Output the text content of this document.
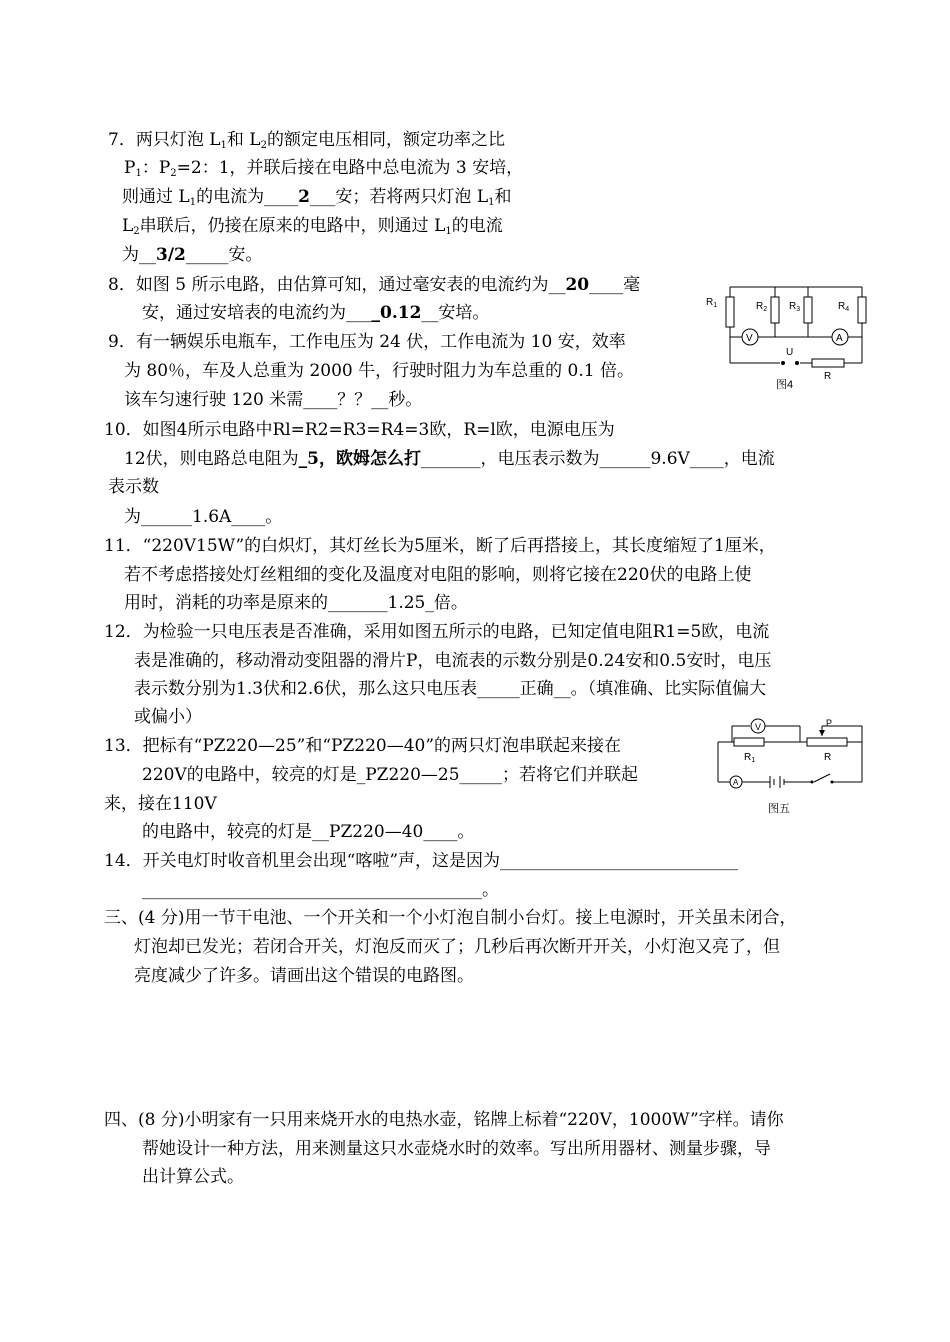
7．两只灯泡 $L_1$和 $L_2$的额定电压相同，额定功率之比
$P_1$：$P_2=2$：1，并联后接在电路中总电流为 3 安培，
则通过 $L_1$的电流为____2___安；若将两只灯泡 $L_1$和
$L_2$串联后，仍接在原来的电路中，则通过 $L_1$的电流
为__3/2_____安。
8．如图 5 所示电路，由估算可知，通过毫安表的电流约为__20____毫
安，通过安培表的电流约为____0.12__安培。
9．有一辆娱乐电瓶车，工作电压为 24 伏，工作电流为 10 安，效率
为 80％，车及人总重为 2000 牛，行驶时阻力为车总重的 0.1 倍。
该车匀速行驶 120 米需____？？__秒。
10．如图4所示电路中Rl=R2=R3=R4=3欧，R=l欧，电源电压为
12伏，则电路总电阻为_5，欧姆怎么打_______，电压表示数为______9.6V____，电流
表示数
为______1.6A____。
11．“220V15W”的白炽灯，其灯丝长为5厘米，断了后再搭接上，其长度缩短了1厘米，
若不考虑搭接处灯丝粗细的变化及温度对电阻的影响，则将它接在220伏的电路上使
用时，消耗的功率是原来的_______1.25_倍。
12．为检验一只电压表是否准确，采用如图五所示的电路，已知定值电阻R1=5欧，电流
表是准确的，移动滑动变阻器的滑片P，电流表的示数分别是0.24安和0.5安时，电压
表示数分别为1.3伏和2.6伏，那么这只电压表_____正确__。（填准确、比实际值偏大
或偏小）
13．把标有“PZ220—25”和“PZ220—40”的两只灯泡串联起来接在
220V的电路中，较亮的灯是_PZ220—25_____；若将它们并联起
来，接在110V
的电路中，较亮的灯是__PZ220—40____。
14．开关电灯时收音机里会出现“喀啦”声，这是因为____________________________
________________________________________。
三、(4 分)用一节干电池、一个开关和一个小灯泡自制小台灯。接上电源时，开关虽未闭合，
灯泡却已发光；若闭合开关，灯泡反而灭了；几秒后再次断开开关，小灯泡又亮了，但
亮度减少了许多。请画出这个错误的电路图。
四、(8 分)小明家有一只用来烧开水的电热水壶，铭牌上标着“220V，1000W”字样。请你
帮她设计一种方法，用来测量这只水壶烧水时的效率。写出所用器材、测量步骤，导
出计算公式。
$R_1$	$R_2$ $R_3$	$R_4$
V	A
U
R
图4
V	P
$R_1$	R
A
图五
